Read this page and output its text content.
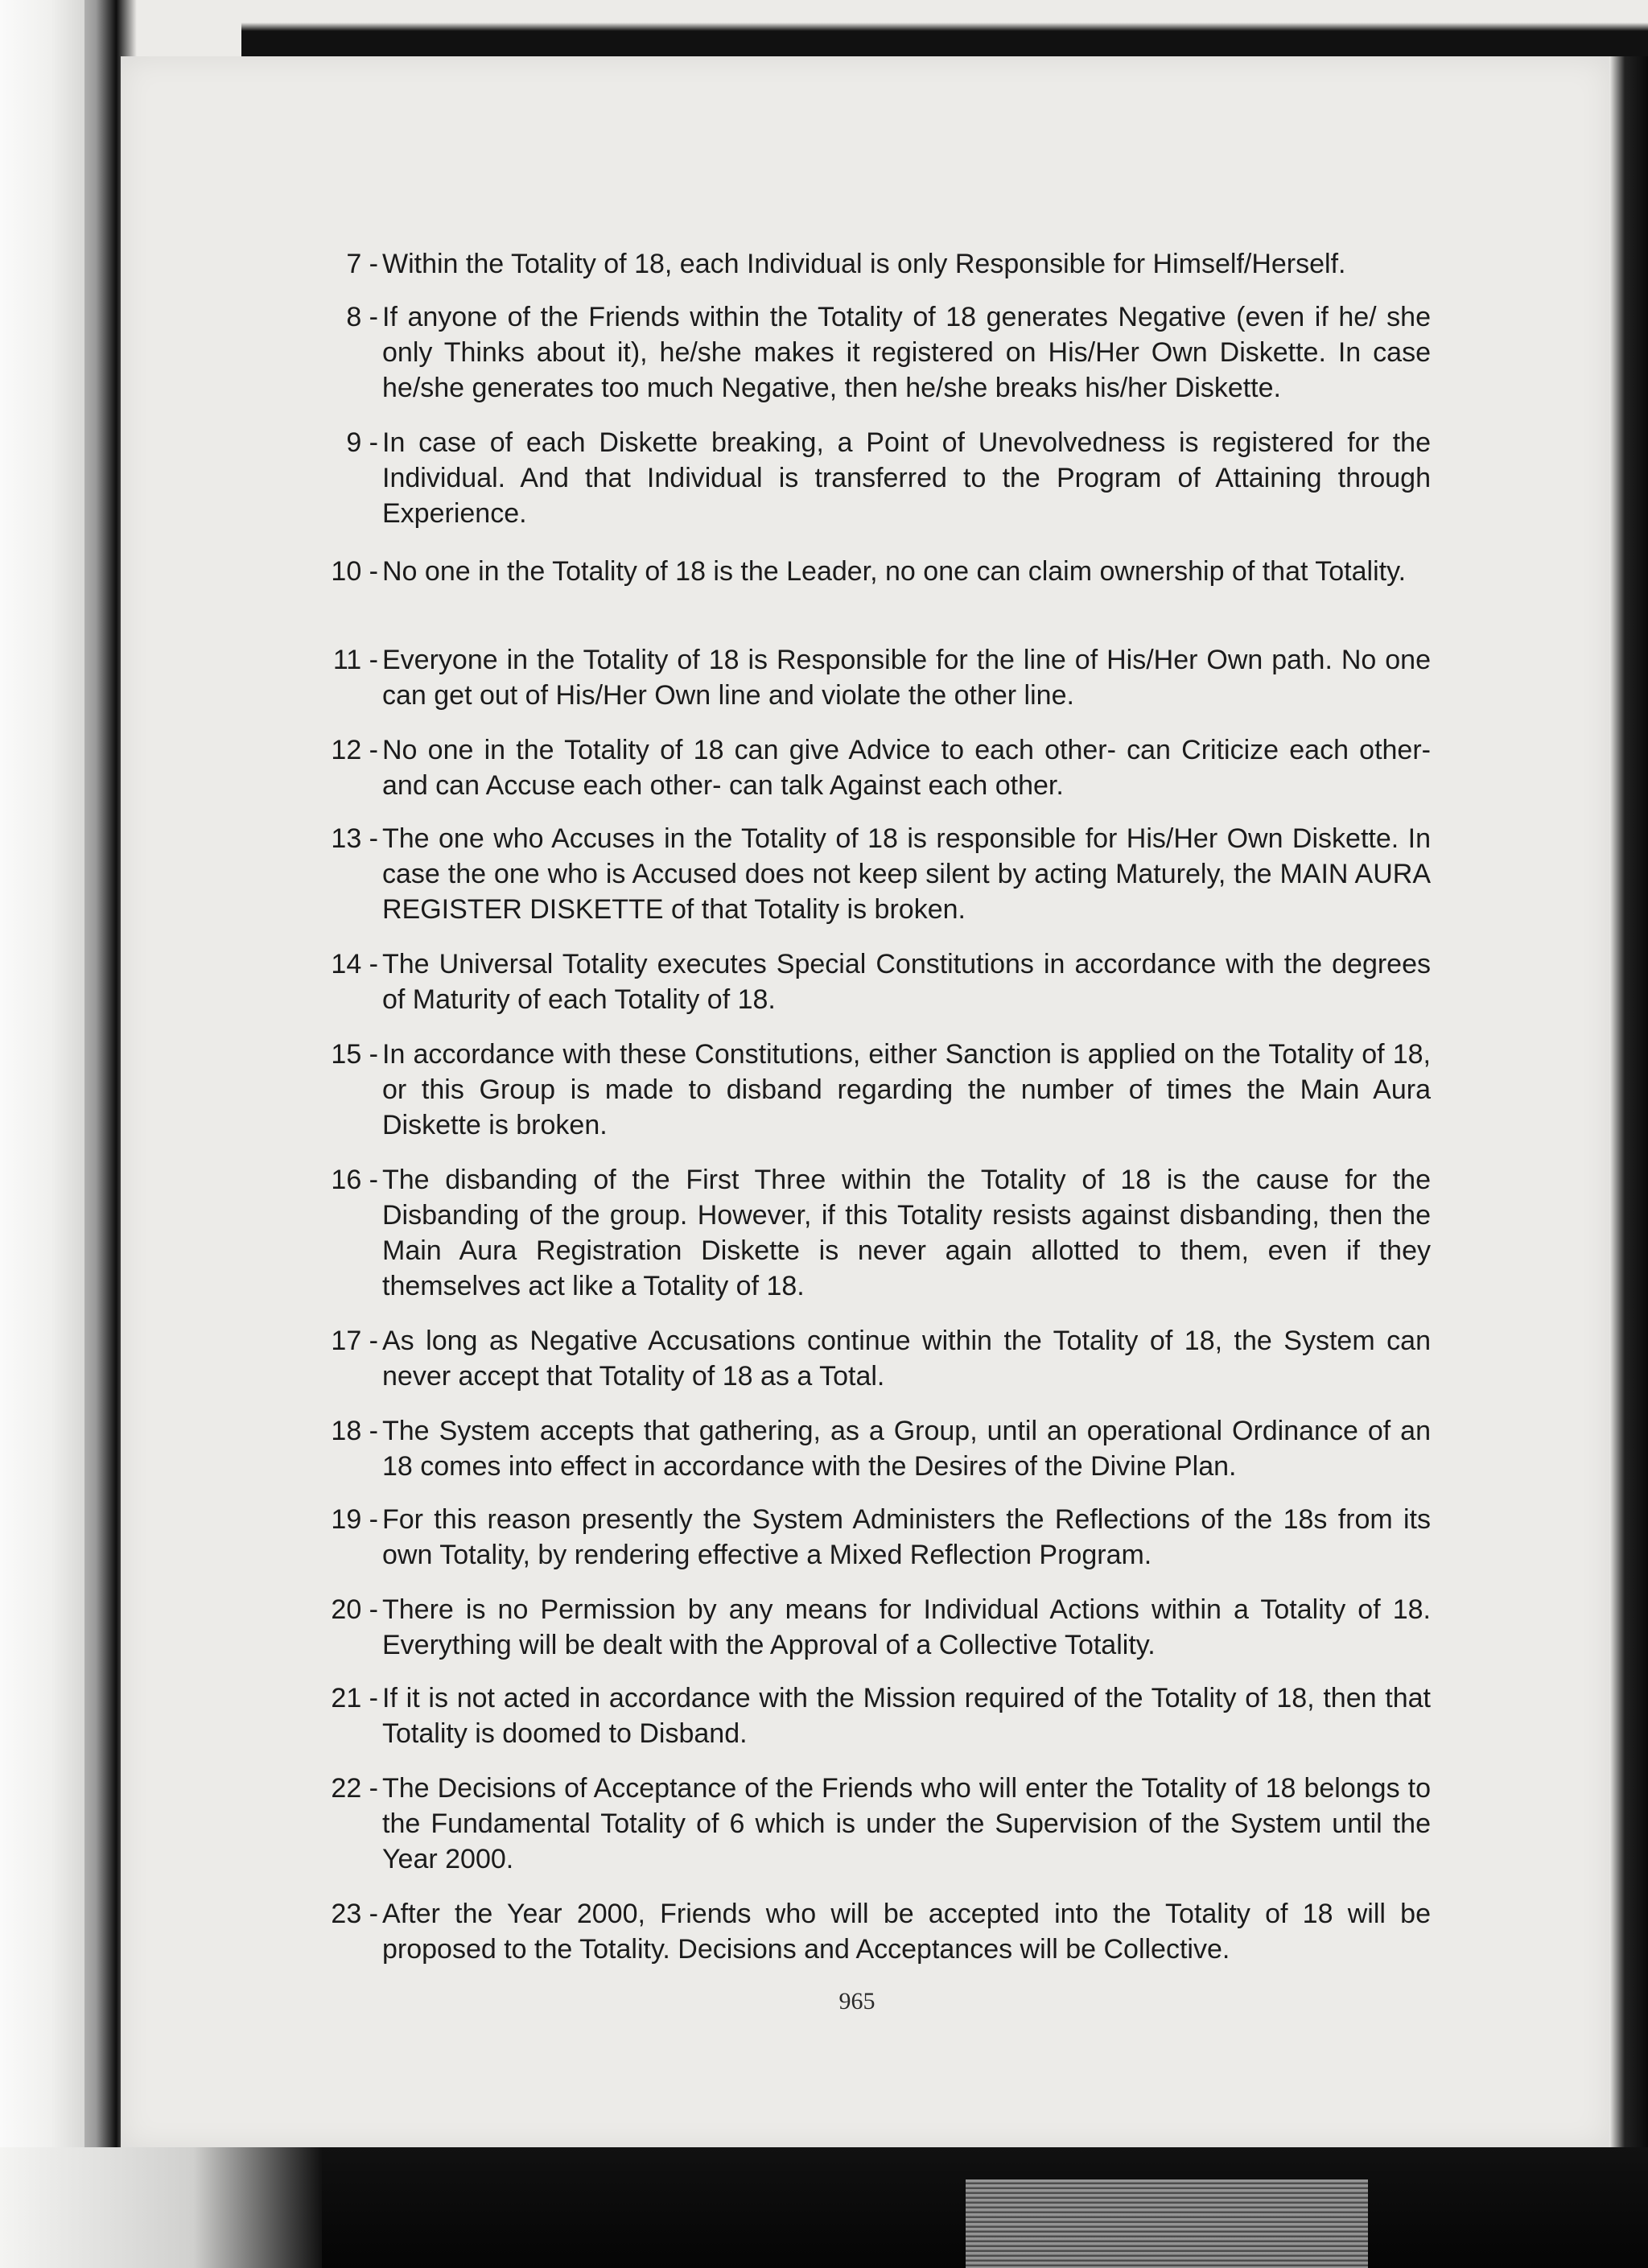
7 - Within the Totality of 18, each Individual is only Responsible for Himself/Herself.
8 - If anyone of the Friends within the Totality of 18 generates Negative (even if he/ she only Thinks about it), he/she makes it registered on His/Her Own Diskette. In case he/she generates too much Negative, then he/she breaks his/her Diskette.
9 - In case of each Diskette breaking, a Point of Unevolvedness is registered for the Individual. And that Individual is transferred to the Program of Attaining through Experience.
10 - No one in the Totality of 18 is the Leader, no one can claim ownership of that Totality.
11 - Everyone in the Totality of 18 is Responsible for the line of His/Her Own path. No one can get out of His/Her Own line and violate the other line.
12 - No one in the Totality of 18 can give Advice to each other- can Criticize each other- and can Accuse each other- can talk Against each other.
13 - The one who Accuses in the Totality of 18 is responsible for His/Her Own Diskette. In case the one who is Accused does not keep silent by acting Maturely, the MAIN AURA REGISTER DISKETTE of that Totality is broken.
14 - The Universal Totality executes Special Constitutions in accordance with the degrees of Maturity of each Totality of 18.
15 - In accordance with these Constitutions, either Sanction is applied on the Totality of 18, or this Group is made to disband regarding the number of times the Main Aura Diskette is broken.
16 - The disbanding of the First Three within the Totality of 18 is the cause for the Disbanding of the group. However, if this Totality resists against disbanding, then the Main Aura Registration Diskette is never again allotted to them, even if they themselves act like a Totality of 18.
17 - As long as Negative Accusations continue within the Totality of 18, the System can never accept that Totality of 18 as a Total.
18 - The System accepts that gathering, as a Group, until an operational Ordinance of an 18 comes into effect in accordance with the Desires of the Divine Plan.
19 - For this reason presently the System Administers the Reflections of the 18s from its own Totality, by rendering effective a Mixed Reflection Program.
20 - There is no Permission by any means for Individual Actions within a Totality of 18. Everything will be dealt with the Approval of a Collective Totality.
21 - If it is not acted in accordance with the Mission required of the Totality of 18, then that Totality is doomed to Disband.
22 - The Decisions of Acceptance of the Friends who will enter the Totality of 18 belongs to the Fundamental Totality of 6 which is under the Supervision of the System until the Year 2000.
23 - After the Year 2000, Friends who will be accepted into the Totality of 18 will be proposed to the Totality. Decisions and Acceptances will be Collective.
965
